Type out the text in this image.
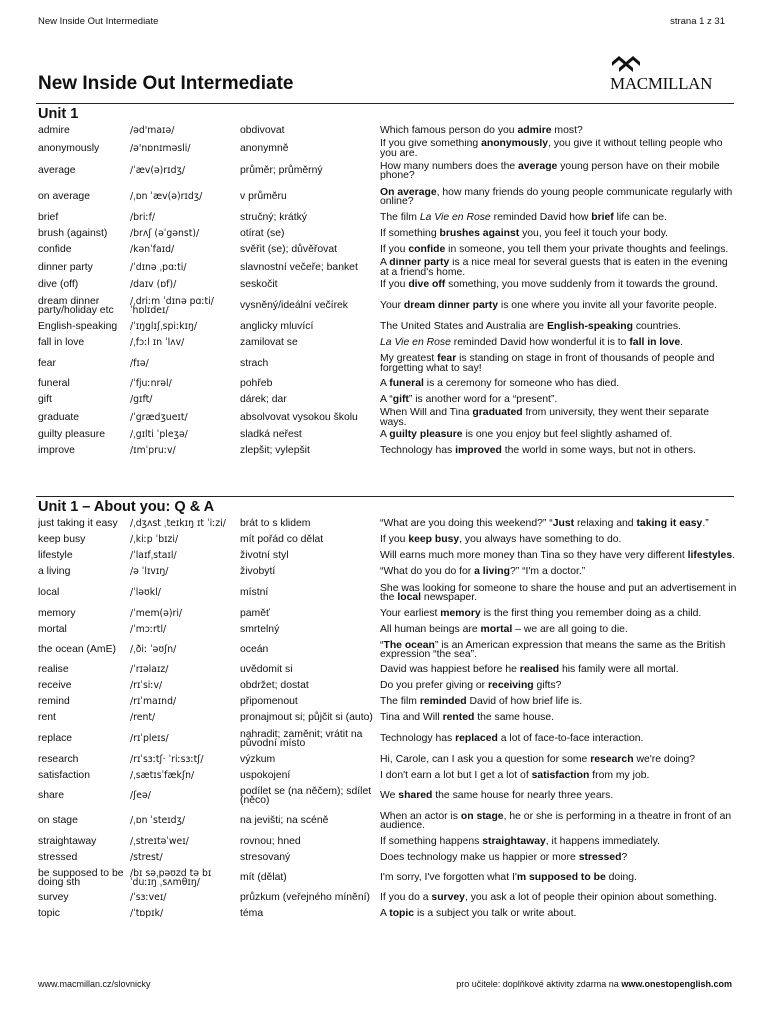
New Inside Out Intermediate	strana 1 z 31
New Inside Out Intermediate	MACMILLAN
Unit 1
admire	/əd'maɪə/	obdivovat	Which famous person do you admire most?
anonymously	/ə'nɒnɪməsli/	anonymně	If you give something anonymously, you give it without telling people who you are.
average	/ˈæv(ə)rɪdʒ/	průměr; průměrný	How many numbers does the average young person have on their mobile phone?
on average	/ˌɒn ˈæv(ə)rɪdʒ/	v průměru	On average, how many friends do young people communicate regularly with online?
brief	/briːf/	stručný; krátký	The film La Vie en Rose reminded David how brief life can be.
brush (against)	/brʌʃ (əˈgənst)/	otírat (se)	If something brushes against you, you feel it touch your body.
confide	/kənˈfaɪd/	svěřit (se); důvěřovat	If you confide in someone, you tell them your private thoughts and feelings.
dinner party	/ˈdɪnə ˌpɑːti/	slavnostní večeře; banket	A dinner party is a nice meal for several guests that is eaten in the evening at a friend's home.
dive (off)	/daɪv (ɒf)/	seskočit	If you dive off something, you move suddenly from it towards the ground.
dream dinner party/holiday etc	/ˌdriːm ˈdɪnə pɑːti/ˈhɒlɪdeɪ/	vysněný/ideální večírek	Your dream dinner party is one where you invite all your favorite people.
English-speaking	/ˈɪŋglɪʃˌspiːkɪŋ/	anglicky mluvící	The United States and Australia are English-speaking countries.
fall in love	/ˌfɔːl ɪn ˈlʌv/	zamilovat se	La Vie en Rose reminded David how wonderful it is to fall in love.
fear	/fɪə/	strach	My greatest fear is standing on stage in front of thousands of people and forgetting what to say!
funeral	/ˈfjuːnrəl/	pohřeb	A funeral is a ceremony for someone who has died.
gift	/gɪft/	dárek; dar	A “gift” is another word for a “present”.
graduate	/ˈgrædʒueɪt/	absolvovat vysokou školu	When Will and Tina graduated from university, they went their separate ways.
guilty pleasure	/ˌgɪlti ˈpleʒə/	sladká neřest	A guilty pleasure is one you enjoy but feel slightly ashamed of.
improve	/ɪmˈpruːv/	zlepšit; vylepšit	Technology has improved the world in some ways, but not in others.
Unit 1 – About you: Q & A
just taking it easy	/ˌdʒʌst ˌteɪkɪŋ ɪt ˈiːzi/	brát to s klidem	“What are you doing this weekend?” “Just relaxing and taking it easy.”
keep busy	/ˌkiːp ˈbɪzi/	mít pořád co dělat	If you keep busy, you always have something to do.
lifestyle	/ˈlaɪfˌstaɪl/	životní styl	Will earns much more money than Tina so they have very different lifestyles.
a living	/ə ˈlɪvɪŋ/	živobytí	“What do you do for a living?” “I'm a doctor.”
local	/ˈləʊkl/	místní	She was looking for someone to share the house and put an advertisement in the local newspaper.
memory	/ˈmem(ə)ri/	paměť	Your earliest memory is the first thing you remember doing as a child.
mortal	/ˈmɔːrtl/	smrtelný	All human beings are mortal – we are all going to die.
the ocean (AmE)	/ˌðiː ˈəʊʃn/	oceán	“The ocean” is an American expression that means the same as the British expression “the sea”.
realise	/ˈrɪəlaɪz/	uvědomit si	David was happiest before he realised his family were all mortal.
receive	/rɪˈsiːv/	obdržet; dostat	Do you prefer giving or receiving gifts?
remind	/rɪˈmaɪnd/	připomenout	The film reminded David of how brief life is.
rent	/rent/	pronajmout si; půjčit si (auto)	Tina and Will rented the same house.
replace	/rɪˈpleɪs/	nahradit; zaměnit; vrátit na původní místo	Technology has replaced a lot of face-to-face interaction.
research	/rɪˈsɜːtʃ· ˈriːsɜːtʃ/	výzkum	Hi, Carole, can I ask you a question for some research we're doing?
satisfaction	/ˌsætɪsˈfækʃn/	uspokojení	I don't earn a lot but I get a lot of satisfaction from my job.
share	/ʃeə/	podílet se (na něčem); sdílet (něco)	We shared the same house for nearly three years.
on stage	/ˌɒn ˈsteɪdʒ/	na jevišti; na scéně	When an actor is on stage, he or she is performing in a theatre in front of an audience.
straightaway	/ˌstreɪtəˈweɪ/	rovnou; hned	If something happens straightaway, it happens immediately.
stressed	/strest/	stresovaný	Does technology make us happier or more stressed?
be supposed to be doing sth	/bɪ səˌpəʊzd tə bɪ ˈduːɪŋ ˌsʌmθɪŋ/	mít (dělat)	I'm sorry, I've forgotten what I'm supposed to be doing.
survey	/ˈsɜːveɪ/	průzkum (veřejného mínění)	If you do a survey, you ask a lot of people their opinion about something.
topic	/ˈtɒpɪk/	téma	A topic is a subject you talk or write about.
www.macmillan.cz/slovnicky	pro učitele: doplňkové aktivity zdarma na www.onestopenglish.com
